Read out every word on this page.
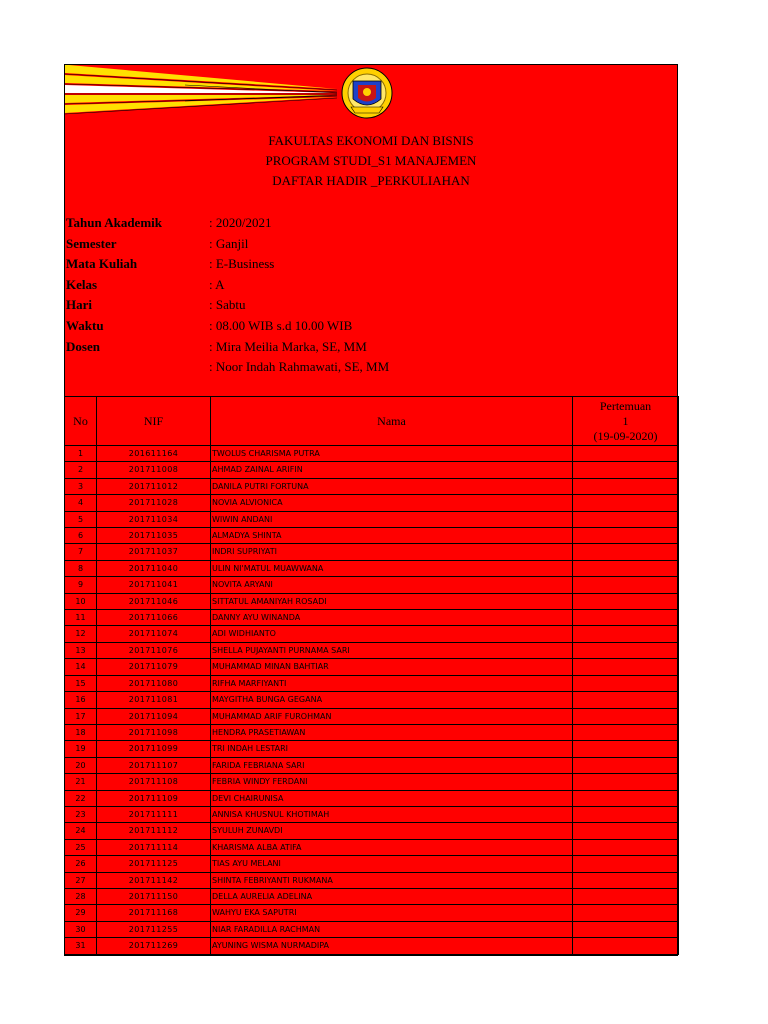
FAKULTAS EKONOMI DAN BISNIS
PROGRAM STUDI_S1 MANAJEMEN
DAFTAR HADIR _PERKULIAHAN
Tahun Akademik	: 2020/2021
Semester	: Ganjil
Mata Kuliah	: E-Business
Kelas	: A
Hari	: Sabtu
Waktu	: 08.00 WIB s.d 10.00 WIB
Dosen	: Mira Meilia Marka, SE, MM
: Noor Indah Rahmawati, SE, MM
No	NIF	Nama	Pertemuan
1
(19-09-2020)

1	201611164	TWOLUS CHARISMA PUTRA	
2	201711008	AHMAD ZAINAL ARIFIN	
3	201711012	DANILA PUTRI FORTUNA	
4	201711028	NOVIA ALVIONICA	
5	201711034	WIWIN ANDANI	
6	201711035	ALMADYA SHINTA	
7	201711037	INDRI SUPRIYATI	
8	201711040	ULIN NI'MATUL MUAWWANA	
9	201711041	NOVITA ARYANI	
10	201711046	SITTATUL AMANIYAH ROSADI	
11	201711066	DANNY AYU WINANDA	
12	201711074	ADI WIDHIANTO	
13	201711076	SHELLA PUJAYANTI PURNAMA SARI	
14	201711079	MUHAMMAD MINAN BAHTIAR	
15	201711080	RIFHA MARFIYANTI	
16	201711081	MAYGITHA BUNGA GEGANA	
17	201711094	MUHAMMAD ARIF FUROHMAN	
18	201711098	HENDRA PRASETIAWAN	
19	201711099	TRI INDAH LESTARI	
20	201711107	FARIDA FEBRIANA SARI	
21	201711108	FEBRIA WINDY FERDANI	
22	201711109	DEVI CHAIRUNISA	
23	201711111	ANNISA KHUSNUL KHOTIMAH	
24	201711112	SYULUH ZUNAVDI	
25	201711114	KHARISMA ALBA ATIFA	
26	201711125	TIAS AYU MELANI	
27	201711142	SHINTA FEBRIYANTI RUKMANA	
28	201711150	DELLA AURELIA ADELINA	
29	201711168	WAHYU EKA SAPUTRI	
30	201711255	NIAR FARADILLA RACHMAN	
31	201711269	AYUNING WISMA NURMADIPA	
